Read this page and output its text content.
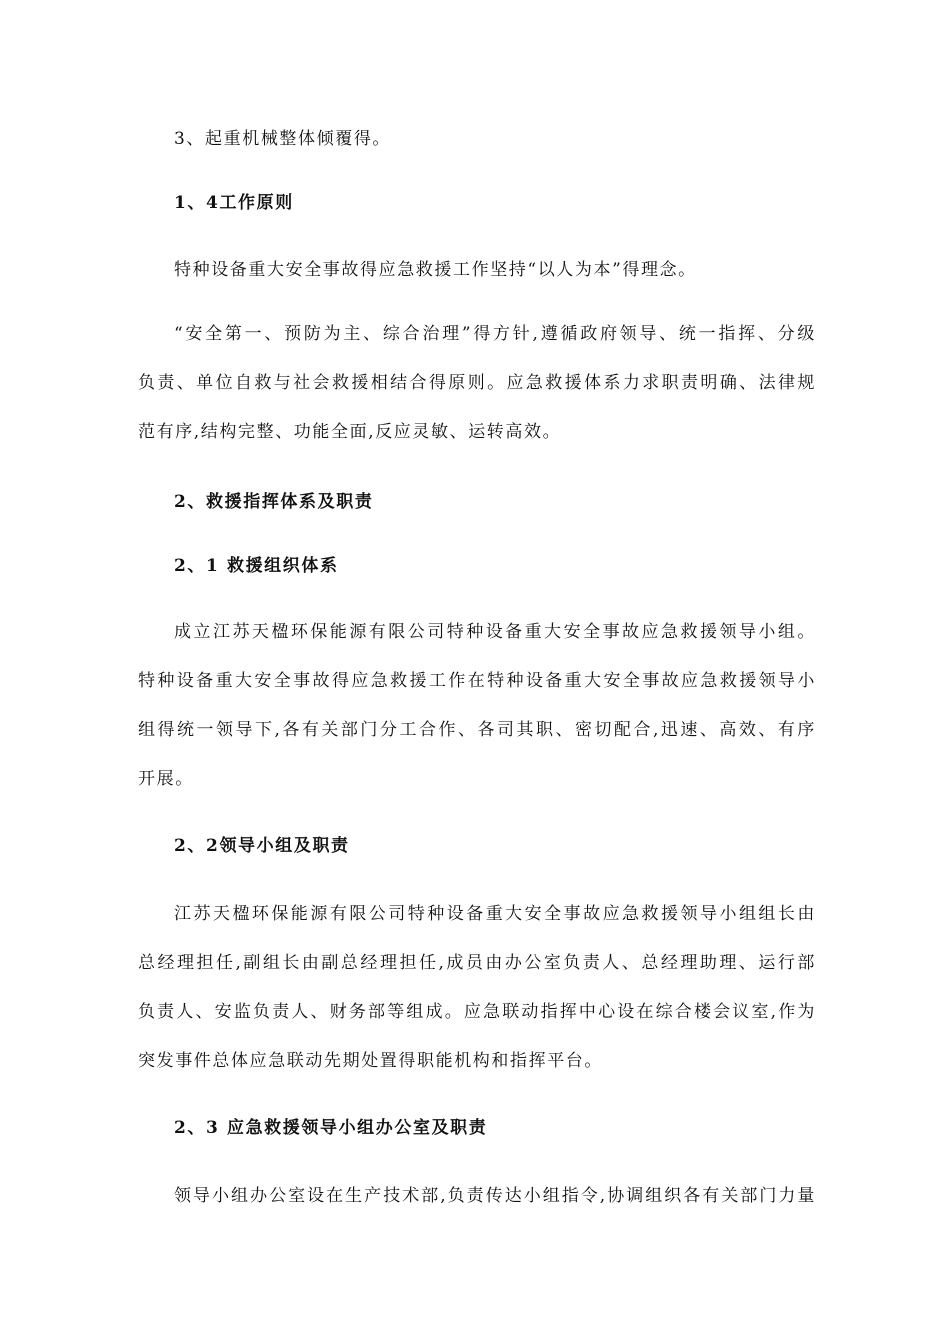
3、起重机械整体倾覆得。
1、4工作原则
特种设备重大安全事故得应急救援工作坚持“以人为本”得理念。
“安全第一、预防为主、综合治理”得方针,遵循政府领导、统一指挥、分级
负责、单位自救与社会救援相结合得原则。应急救援体系力求职责明确、法律规
范有序,结构完整、功能全面,反应灵敏、运转高效。
2、救援指挥体系及职责
2、1 救援组织体系
成立江苏天楹环保能源有限公司特种设备重大安全事故应急救援领导小组。
特种设备重大安全事故得应急救援工作在特种设备重大安全事故应急救援领导小
组得统一领导下,各有关部门分工合作、各司其职、密切配合,迅速、高效、有序
开展。
2、2领导小组及职责
江苏天楹环保能源有限公司特种设备重大安全事故应急救援领导小组组长由
总经理担任,副组长由副总经理担任,成员由办公室负责人、总经理助理、运行部
负责人、安监负责人、财务部等组成。应急联动指挥中心设在综合楼会议室,作为
突发事件总体应急联动先期处置得职能机构和指挥平台。
2、3 应急救援领导小组办公室及职责
领导小组办公室设在生产技术部,负责传达小组指令,协调组织各有关部门力量
